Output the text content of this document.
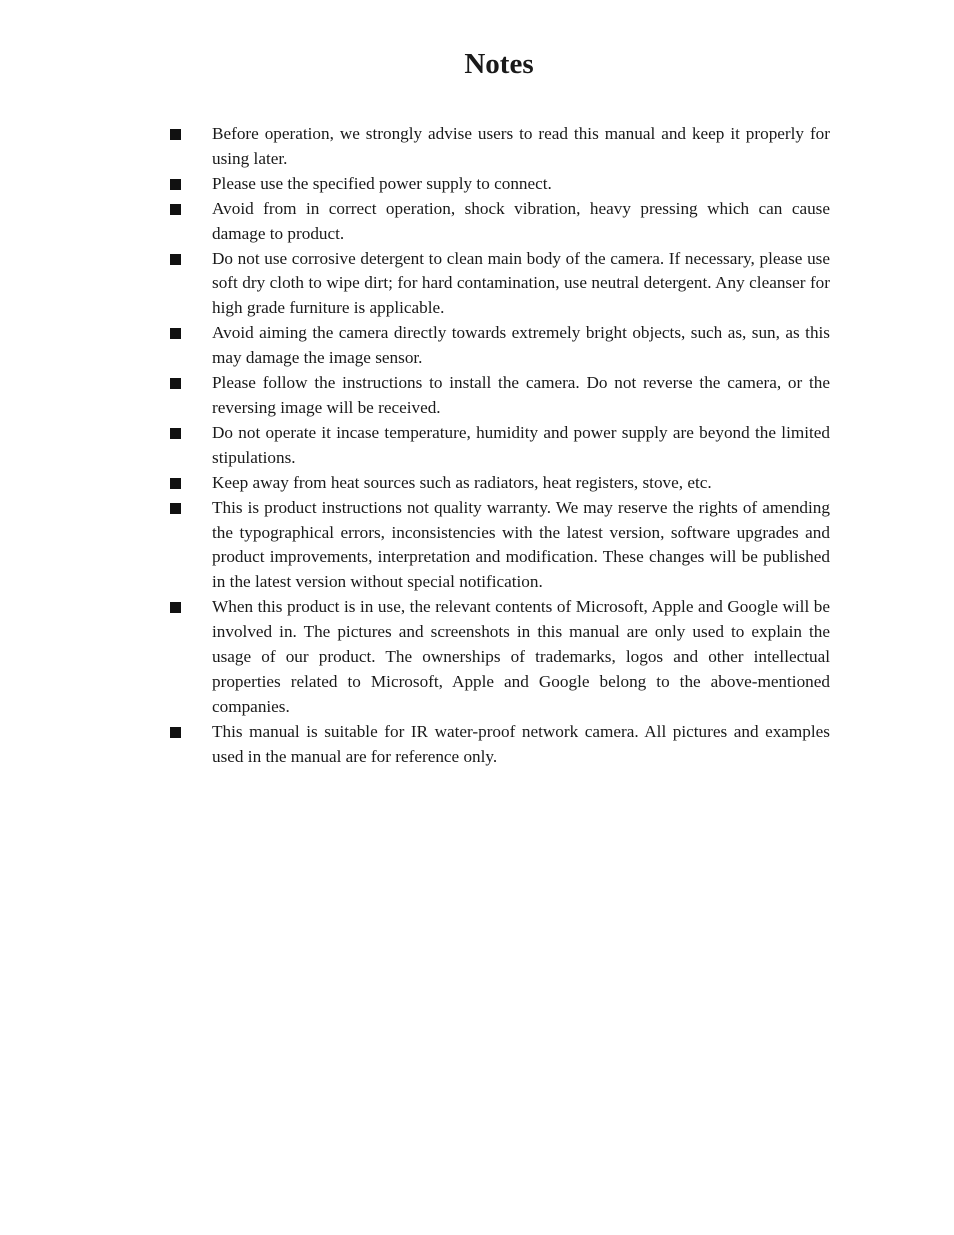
Notes
Before operation, we strongly advise users to read this manual and keep it properly for using later.
Please use the specified power supply to connect.
Avoid from in correct operation, shock vibration, heavy pressing which can cause damage to product.
Do not use corrosive detergent to clean main body of the camera. If necessary, please use soft dry cloth to wipe dirt; for hard contamination, use neutral detergent. Any cleanser for high grade furniture is applicable.
Avoid aiming the camera directly towards extremely bright objects, such as, sun, as this may damage the image sensor.
Please follow the instructions to install the camera. Do not reverse the camera, or the reversing image will be received.
Do not operate it incase temperature, humidity and power supply are beyond the limited stipulations.
Keep away from heat sources such as radiators, heat registers, stove, etc.
This is product instructions not quality warranty. We may reserve the rights of amending the typographical errors, inconsistencies with the latest version, software upgrades and product improvements, interpretation and modification. These changes will be published in the latest version without special notification.
When this product is in use, the relevant contents of Microsoft, Apple and Google will be involved in. The pictures and screenshots in this manual are only used to explain the usage of our product. The ownerships of trademarks, logos and other intellectual properties related to Microsoft, Apple and Google belong to the above-mentioned companies.
This manual is suitable for IR water-proof network camera. All pictures and examples used in the manual are for reference only.
